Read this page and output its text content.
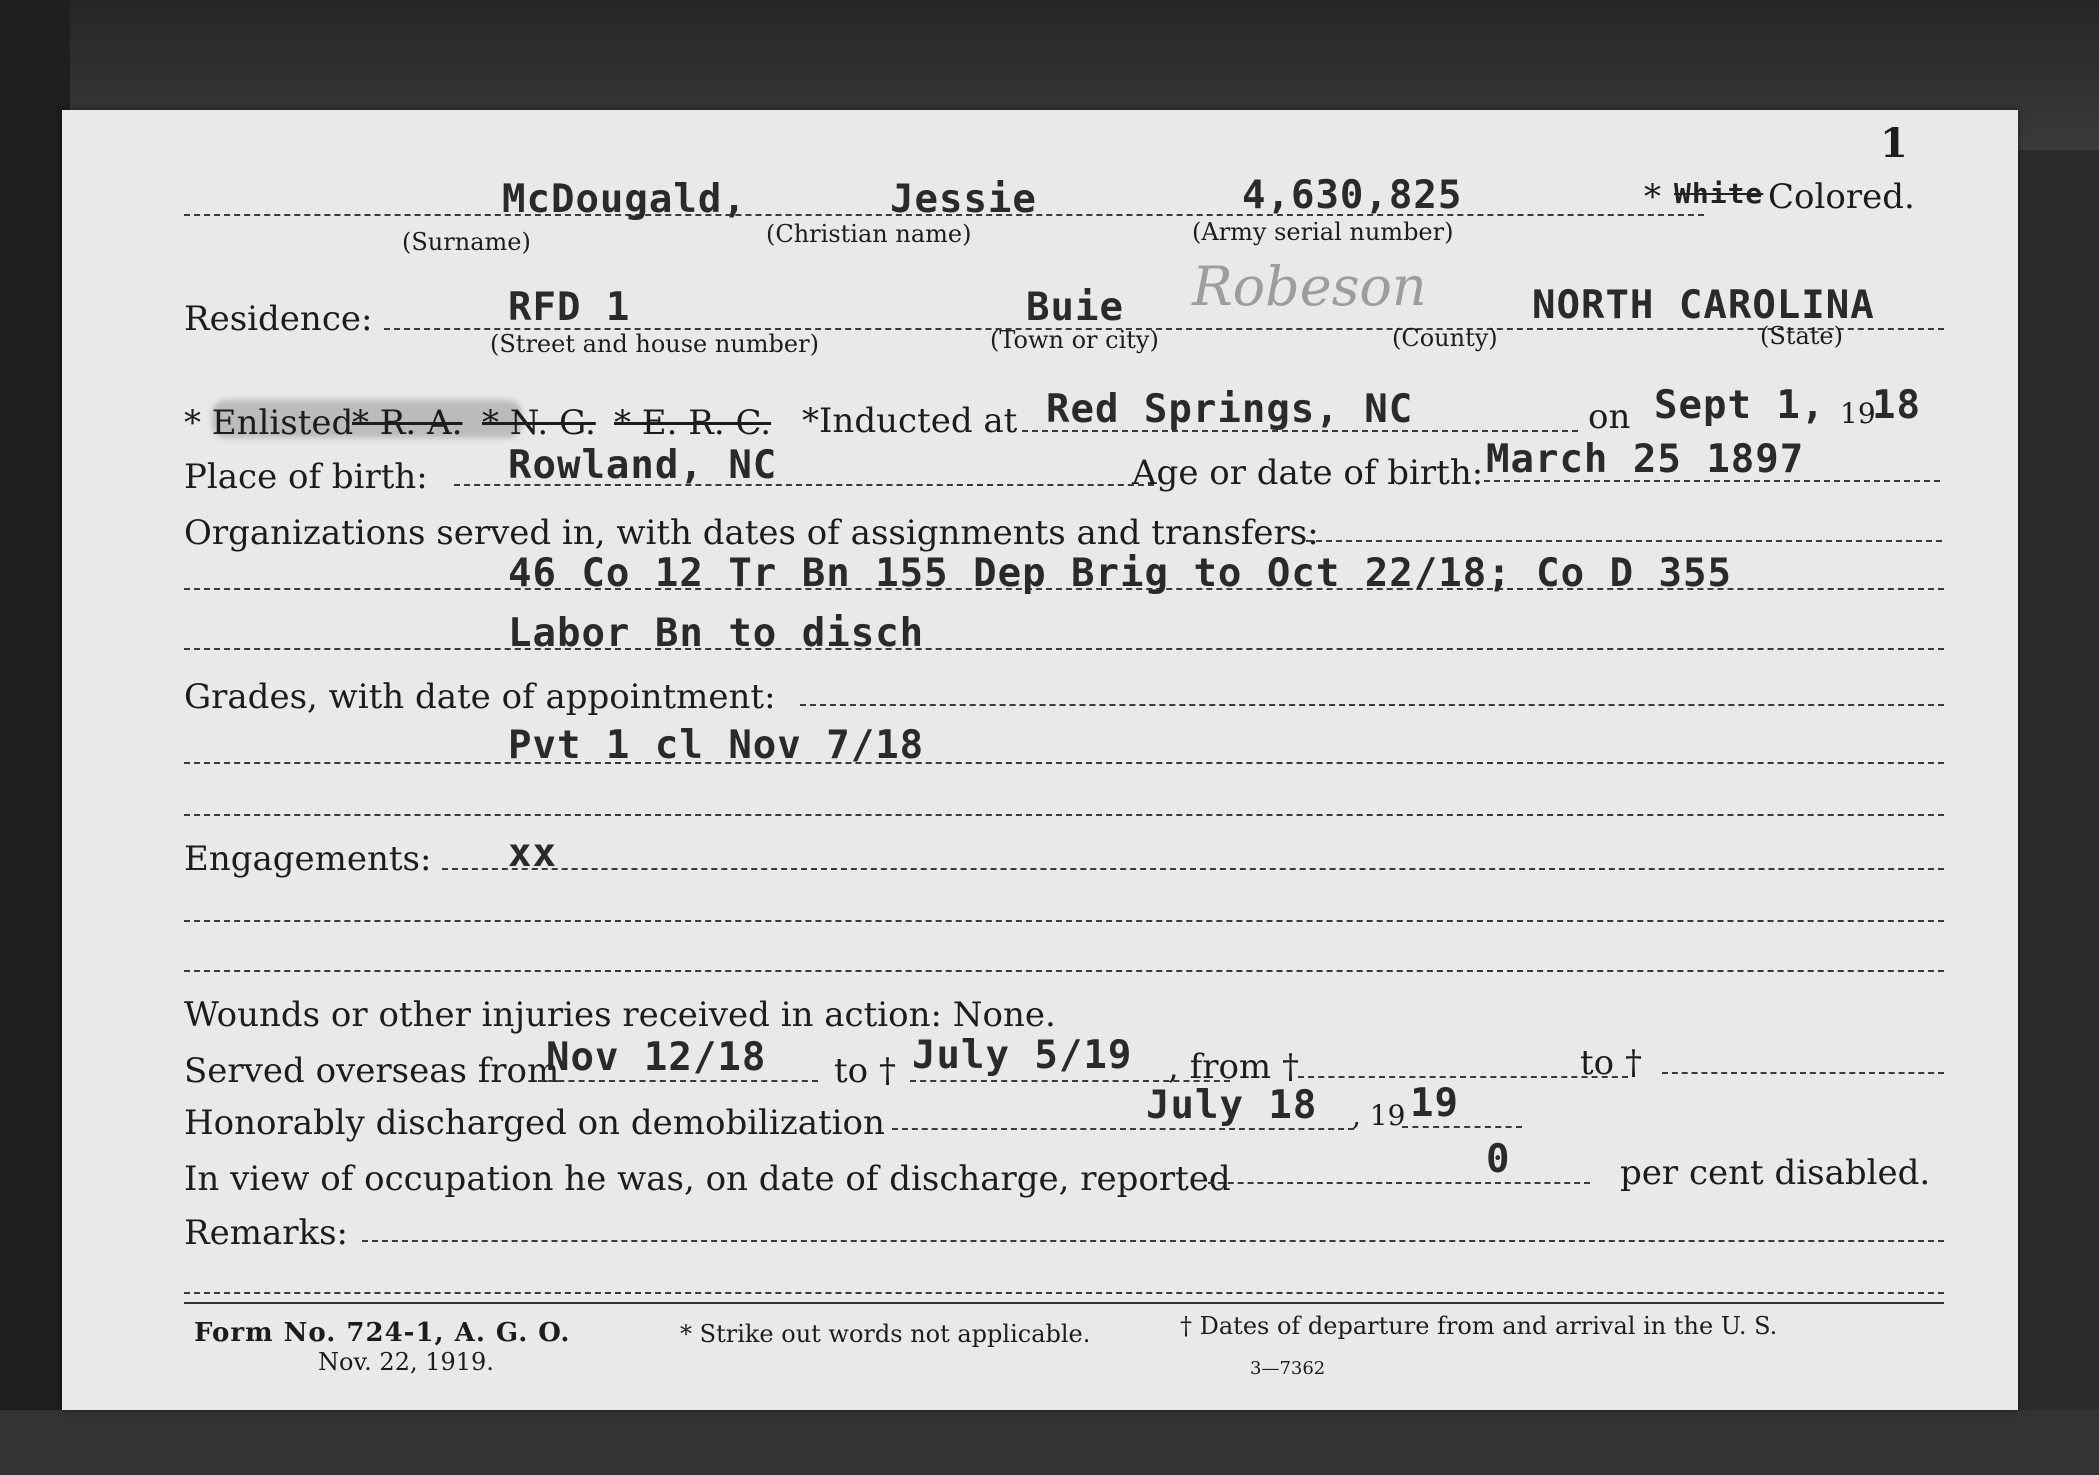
1
McDougald,	Jessie	4,630,825	* White Colored.
(Surname)	(Christian name)	(Army serial number)
Residence:	RFD 1	Buie Robeson	NORTH CAROLINA
(Street and house number)	(Town or city)	(County)	(State)
* Enlisted
* R. A. * N. G. * E. R. C. *Inducted at Red Springs, NC	on Sept 1, 19
18
Place of birth: Rowland, NC	Age or date of birth: March 25 1897
Organizations served in, with dates of assignments and transfers:
46 Co 12 Tr Bn 155 Dep Brig to Oct 22/18; Co D 355
Labor Bn to disch
Grades, with date of appointment:
Pvt 1 cl Nov 7/18
Engagements: xx
Wounds or other injuries received in action: None.
Served overseas from
Nov 12/18 to † July 5/19 , from †	to †
Honorably discharged on demobilization	July 18 , 19 19
In view of occupation he was, on date of discharge, reported	0	per cent disabled.
Remarks:
Form No. 724-1, A. G. O.
Nov. 22, 1919.
* Strike out words not applicable.	† Dates of departure from and arrival in the U. S.
3—7362
